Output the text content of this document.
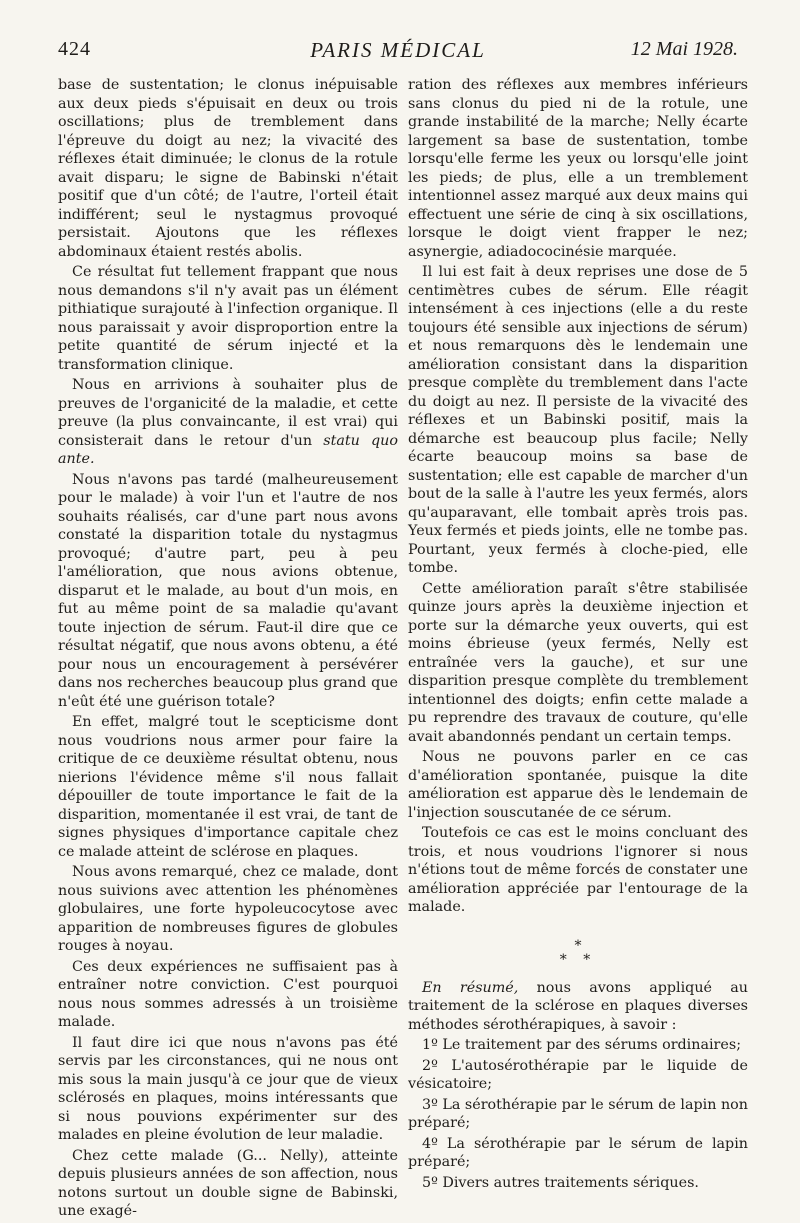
424	PARIS MÉDICAL	12 Mai 1928.

base de sustentation; le clonus inépuisable aux deux pieds s'épuisait en deux ou trois oscillations; plus de tremblement dans l'épreuve du doigt au nez; la vivacité des réflexes était diminuée; le clonus de la rotule avait disparu; le signe de Babinski n'était positif que d'un côté; de l'autre, l'orteil était indifférent; seul le nystagmus provoqué persistait. Ajoutons que les réflexes abdominaux étaient restés abolis.

Ce résultat fut tellement frappant que nous nous demandons s'il n'y avait pas un élément pithiatique surajouté à l'infection organique. Il nous paraissait y avoir disproportion entre la petite quantité de sérum injecté et la transformation clinique.

Nous en arrivions à souhaiter plus de preuves de l'organicité de la maladie, et cette preuve (la plus convaincante, il est vrai) qui consisterait dans le retour d'un statu quo ante.

Nous n'avons pas tardé (malheureusement pour le malade) à voir l'un et l'autre de nos souhaits réalisés, car d'une part nous avons constaté la disparition totale du nystagmus provoqué; d'autre part, peu à peu l'amélioration, que nous avions obtenue, disparut et le malade, au bout d'un mois, en fut au même point de sa maladie qu'avant toute injection de sérum. Faut-il dire que ce résultat négatif, que nous avons obtenu, a été pour nous un encouragement à persévérer dans nos recherches beaucoup plus grand que n'eût été une guérison totale?

En effet, malgré tout le scepticisme dont nous voudrions nous armer pour faire la critique de ce deuxième résultat obtenu, nous nierions l'évidence même s'il nous fallait dépouiller de toute importance le fait de la disparition, momentanée il est vrai, de tant de signes physiques d'importance capitale chez ce malade atteint de sclérose en plaques.

Nous avons remarqué, chez ce malade, dont nous suivions avec attention les phénomènes globulaires, une forte hypoleucocytose avec apparition de nombreuses figures de globules rouges à noyau.

Ces deux expériences ne suffisaient pas à entraîner notre conviction. C'est pourquoi nous nous sommes adressés à un troisième malade.

Il faut dire ici que nous n'avons pas été servis par les circonstances, qui ne nous ont mis sous la main jusqu'à ce jour que de vieux sclérosés en plaques, moins intéressants que si nous pouvions expérimenter sur des malades en pleine évolution de leur maladie.

Chez cette malade (G... Nelly), atteinte depuis plusieurs années de son affection, nous notons surtout un double signe de Babinski, une exagé-

ration des réflexes aux membres inférieurs sans clonus du pied ni de la rotule, une grande instabilité de la marche; Nelly écarte largement sa base de sustentation, tombe lorsqu'elle ferme les yeux ou lorsqu'elle joint les pieds; de plus, elle a un tremblement intentionnel assez marqué aux deux mains qui effectuent une série de cinq à six oscillations, lorsque le doigt vient frapper le nez; asynergie, adiadococinésie marquée.

Il lui est fait à deux reprises une dose de 5 centimètres cubes de sérum. Elle réagit intensément à ces injections (elle a du reste toujours été sensible aux injections de sérum) et nous remarquons dès le lendemain une amélioration consistant dans la disparition presque complète du tremblement dans l'acte du doigt au nez. Il persiste de la vivacité des réflexes et un Babinski positif, mais la démarche est beaucoup plus facile; Nelly écarte beaucoup moins sa base de sustentation; elle est capable de marcher d'un bout de la salle à l'autre les yeux fermés, alors qu'auparavant, elle tombait après trois pas. Yeux fermés et pieds joints, elle ne tombe pas. Pourtant, yeux fermés à cloche-pied, elle tombe.

Cette amélioration paraît s'être stabilisée quinze jours après la deuxième injection et porte sur la démarche yeux ouverts, qui est moins ébrieuse (yeux fermés, Nelly est entraînée vers la gauche), et sur une disparition presque complète du tremblement intentionnel des doigts; enfin cette malade a pu reprendre des travaux de couture, qu'elle avait abandonnés pendant un certain temps.

Nous ne pouvons parler en ce cas d'amélioration spontanée, puisque la dite amélioration est apparue dès le lendemain de l'injection souscutanée de ce sérum.

Toutefois ce cas est le moins concluant des trois, et nous voudrions l'ignorer si nous n'étions tout de même forcés de constater une amélioration appréciée par l'entourage de la malade.

*
* *

En résumé, nous avons appliqué au traitement de la sclérose en plaques diverses méthodes sérothérapiques, à savoir :

1º Le traitement par des sérums ordinaires;

2º L'autosérothérapie par le liquide de vésicatoire;

3º La sérothérapie par le sérum de lapin non préparé;

4º La sérothérapie par le sérum de lapin préparé;

5º Divers autres traitements sériques.
